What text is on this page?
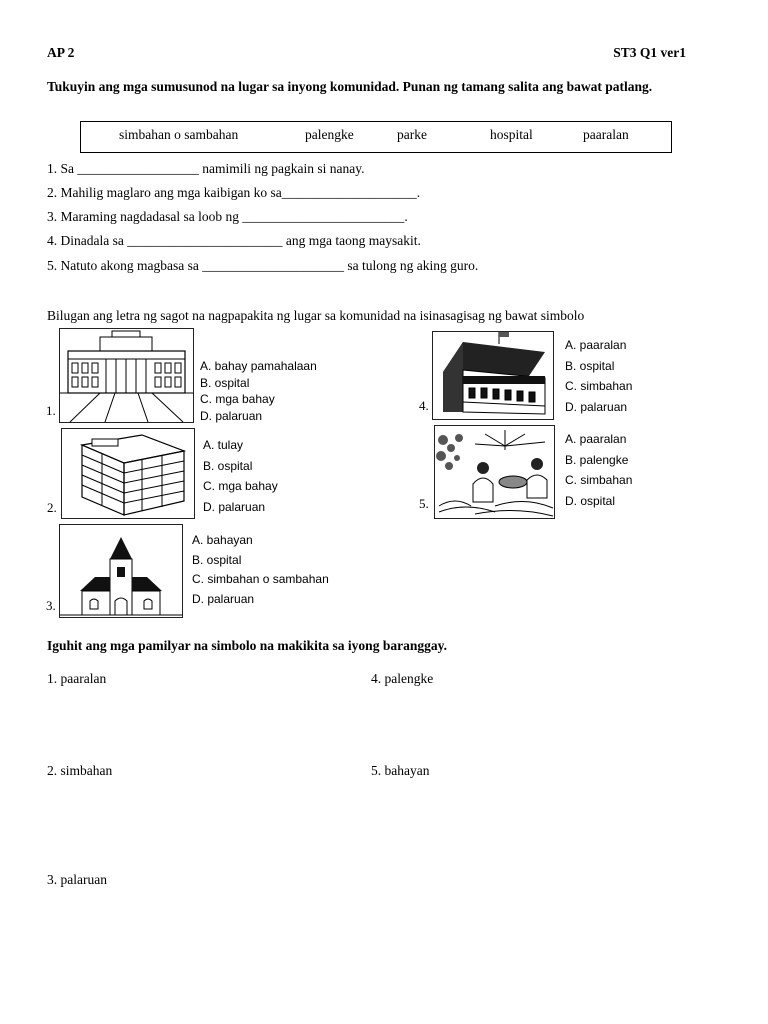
AP 2	ST3 Q1 ver1
Tukuyin ang mga sumusunod na lugar sa inyong komunidad. Punan ng tamang salita ang bawat patlang.
simbahan o sambahan	palengke	parke	hospital	paaralan
1. Sa __________________ namimili ng pagkain si nanay.
2. Mahilig maglaro ang mga kaibigan ko sa____________________.
3. Maraming nagdadasal sa loob ng ________________________.
4. Dinadala sa _______________________ ang mga taong maysakit.
5. Natuto akong magbasa sa _____________________ sa tulong ng aking guro.
Bilugan ang letra ng sagot na nagpapakita ng lugar sa komunidad na isinasagisag ng bawat simbolo
1.
A. bahay pamahalaan
B. ospital
C. mga bahay
D. palaruan
2.
A. tulay
B. ospital
C. mga bahay
D. palaruan
3.
A. bahayan
B. ospital
C. simbahan o sambahan
D. palaruan
4.
A. paaralan
B. ospital
C. simbahan
D. palaruan
5.
A. paaralan
B. palengke
C. simbahan
D. ospital
Iguhit ang mga pamilyar na simbolo na makikita sa iyong baranggay.
1. paaralan
2. simbahan
3. palaruan
4. palengke
5. bahayan
